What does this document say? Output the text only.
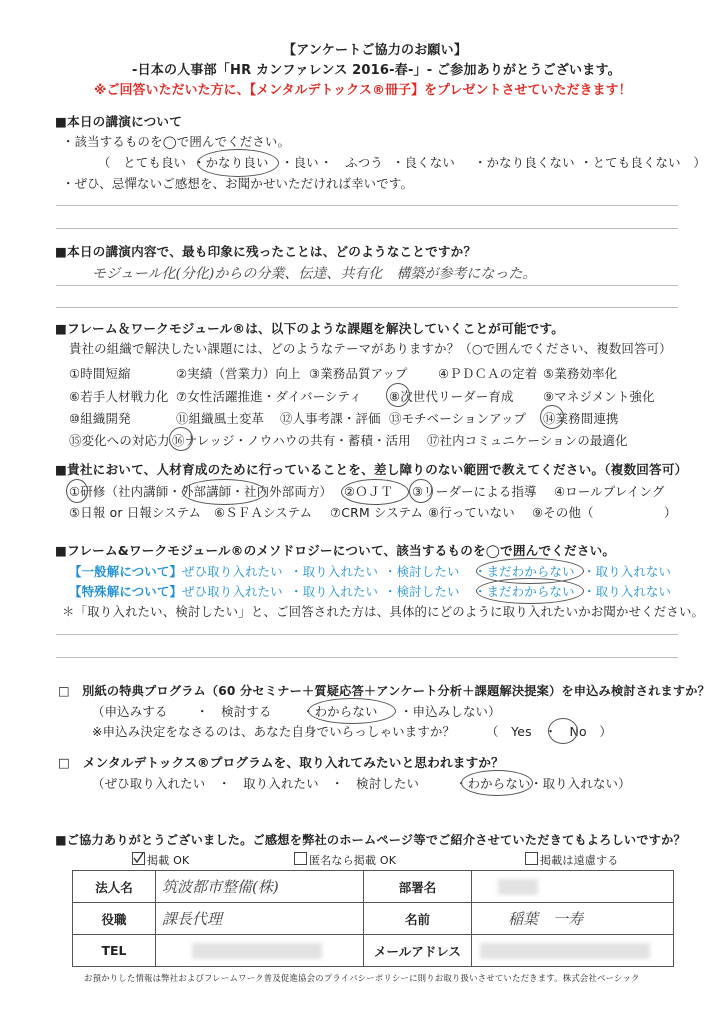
【アンケートご協力のお願い】
-日本の人事部「HR カンファレンス 2016-春-」- ご参加ありがとうございます。
※ご回答いただいた方に、【メンタルデトックス®冊子】をプレゼントさせていただきます！
■本日の講演について
・該当するものを◯で囲んでください。
（　とても良い ・かなり良い ・良い ・　ふつう ・良くない ・かなり良くない ・とても良くない　）
・ぜひ、忌憚ないご感想を、お聞かせいただければ幸いです。
■本日の講演内容で、最も印象に残ったことは、どのようなことですか？
モジュール化(分化)からの分業、伝達、共有化　構築が参考になった。
■フレーム＆ワークモジュール®は、以下のような課題を解決していくことが可能です。
貴社の組織で解決したい課題には、どのようなテーマがありますか？（○で囲んでください、複数回答可）
①時間短縮	②実績（営業力）向上 ③業務品質アップ ④ＰＤＣＡの定着 ⑤業務効率化
⑥若手人材戦力化 ⑦女性活躍推進・ダイバーシティ ⑧次世代リーダー育成 ⑨マネジメント強化
⑩組織開発	⑪組織風土変革 ⑫人事考課・評価 ⑬モチベーションアップ ⑭業務間連携
⑮変化への対応力 ⑯ナレッジ・ノウハウの共有・蓄積・活用 ⑰社内コミュニケーションの最適化
■貴社において、人材育成のために行っていることを、差し障りのない範囲で教えてください。（複数回答可）
①研修（社内講師・外部講師・社内外部両方） ②ＯＪＴ ③リーダーによる指導 ④ロールプレイング
⑤日報 or 日報システム ⑥ＳＦＡシステム ⑦CRM システム ⑧行っていない ⑨その他（	）
■フレーム&ワークモジュール®のメソドロジーについて、該当するものを◯で囲んでください。
【一般解について】 ぜひ取り入れたい ・取り入れたい ・検討したい ・まだわからない ・取り入れない
【特殊解について】 ぜひ取り入れたい ・取り入れたい ・検討したい ・まだわからない ・取り入れない
＊「取り入れたい、検討したい」と、ご回答された方は、具体的にどのように取り入れたいかお聞かせください。
□　別紙の特典プログラム（60 分セミナー＋質疑応答＋アンケート分析＋課題解決提案）を申込み検討されますか？
（申込みする ・　検討する ・わからない ・申込みしない）
※申込み決定をなさるのは、あなた自身でいらっしゃいますか？ （　Yes　・　No　）
□　メンタルデトックス®プログラムを、取り入れてみたいと思われますか？
（ぜひ取り入れたい ・　取り入れたい ・　検討したい	・わからない ・取り入れない）
■ご協力ありがとうございました。ご感想を弊社のホームページ等でご紹介させていただきてもよろしいですか？
掲載 OK	匿名なら掲載 OK	掲載は遠慮する
法人名	筑波都市整備(株)	部署名	

役職	課長代理	名前	稲葉　一寿
TEL		メールアドレス	
お預かりした情報は弊社およびフレームワーク普及促進協会のプライバシーポリシーに則りお取り扱いさせていただきます。株式会社ベーシック
